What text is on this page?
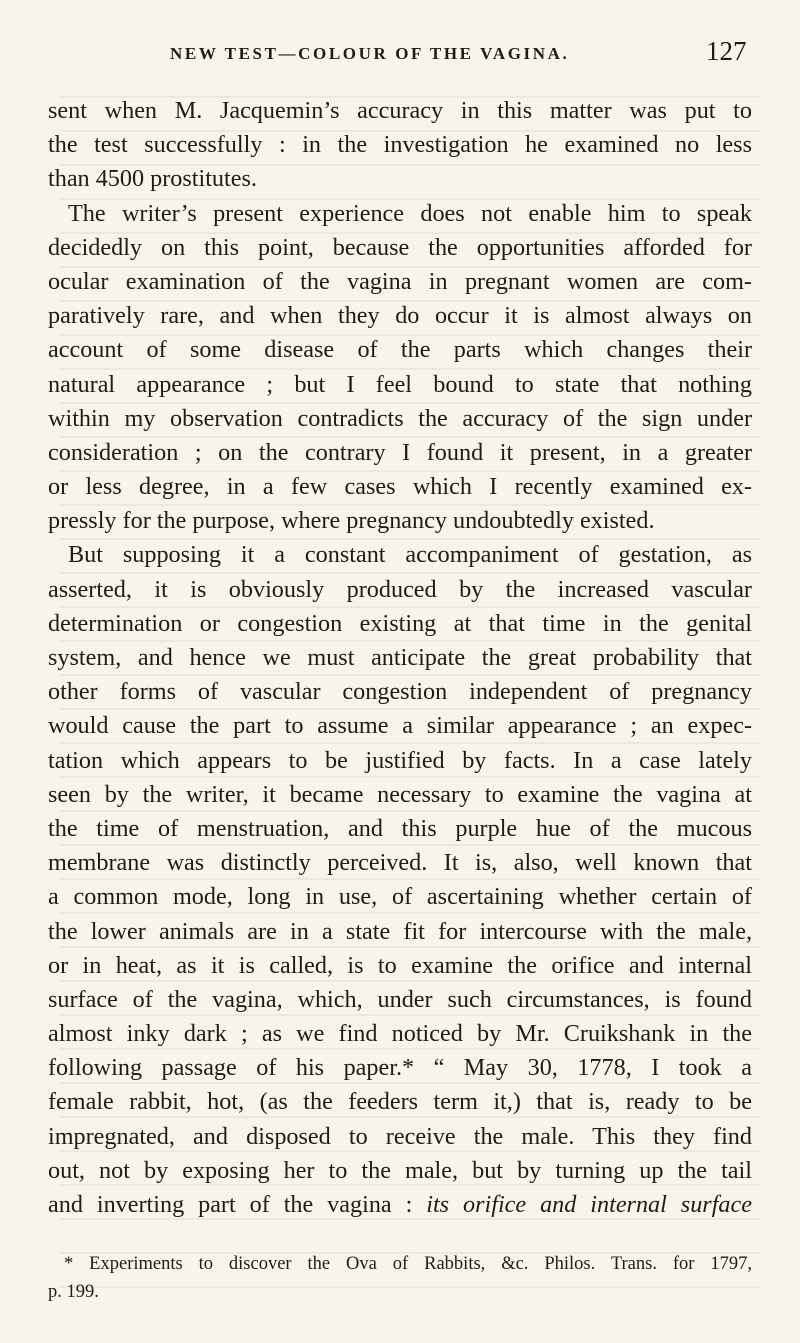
NEW TEST—COLOUR OF THE VAGINA.	127
sent when M. Jacquemin’s accuracy in this matter was put to
the test successfully : in the investigation he examined no less
than 4500 prostitutes.
The writer’s present experience does not enable him to speak
decidedly on this point, because the opportunities afforded for
ocular examination of the vagina in pregnant women are com-
paratively rare, and when they do occur it is almost always on
account of some disease of the parts which changes their
natural appearance ; but I feel bound to state that nothing
within my observation contradicts the accuracy of the sign under
consideration ; on the contrary I found it present, in a greater
or less degree, in a few cases which I recently examined ex-
pressly for the purpose, where pregnancy undoubtedly existed.
But supposing it a constant accompaniment of gestation, as
asserted, it is obviously produced by the increased vascular
determination or congestion existing at that time in the genital
system, and hence we must anticipate the great probability that
other forms of vascular congestion independent of pregnancy
would cause the part to assume a similar appearance ; an expec-
tation which appears to be justified by facts. In a case lately
seen by the writer, it became necessary to examine the vagina at
the time of menstruation, and this purple hue of the mucous
membrane was distinctly perceived. It is, also, well known that
a common mode, long in use, of ascertaining whether certain of
the lower animals are in a state fit for intercourse with the male,
or in heat, as it is called, is to examine the orifice and internal
surface of the vagina, which, under such circumstances, is found
almost inky dark ; as we find noticed by Mr. Cruikshank in the
following passage of his paper.* “ May 30, 1778, I took a
female rabbit, hot, (as the feeders term it,) that is, ready to be
impregnated, and disposed to receive the male. This they find
out, not by exposing her to the male, but by turning up the tail
and inverting part of the vagina : its orifice and internal surface
* Experiments to discover the Ova of Rabbits, &c. Philos. Trans. for 1797,
p. 199.
